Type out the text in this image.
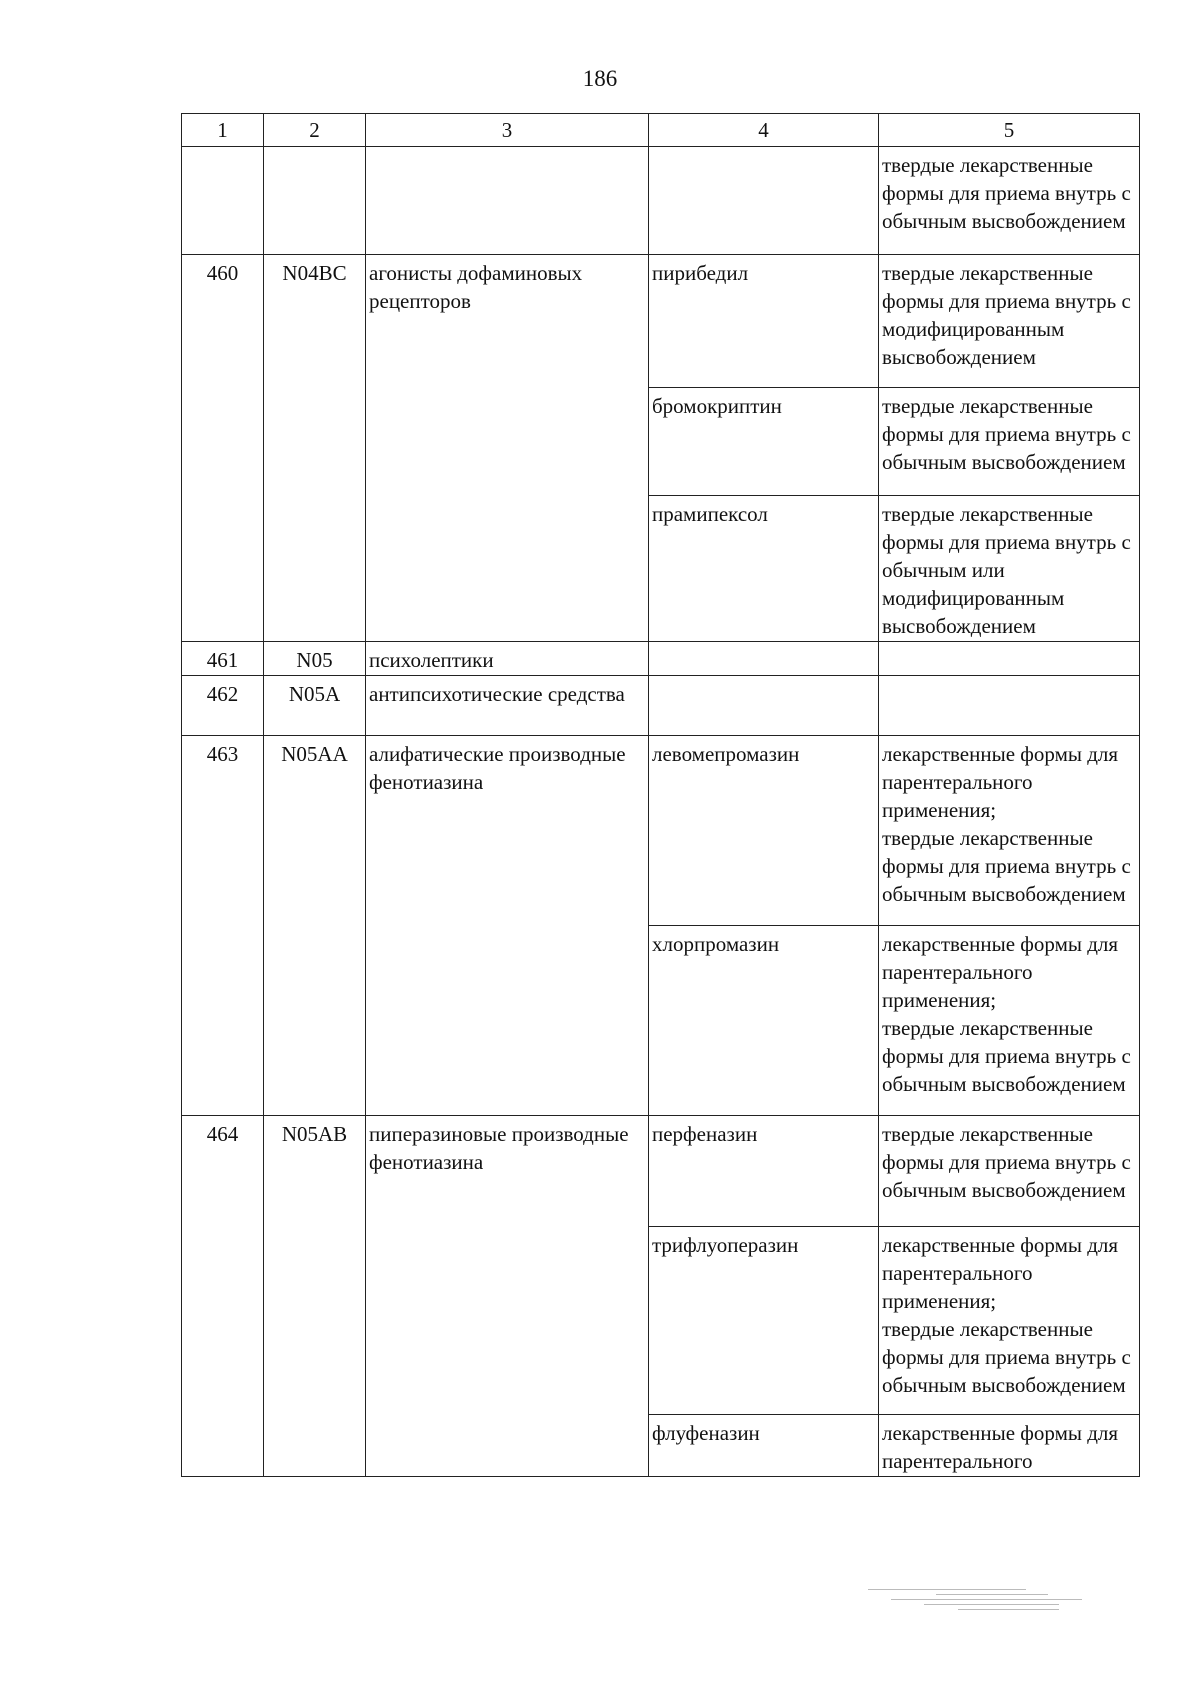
186
1	2	3	4	5
				твердые лекарственные формы для приема внутрь с обычным высвобождением
460	N04BC	агонисты дофаминовых рецепторов	пирибедил	твердые лекарственные формы для приема внутрь с модифицированным высвобождением
			бромокриптин	твердые лекарственные формы для приема внутрь с обычным высвобождением
			прамипексол	твердые лекарственные формы для приема внутрь с обычным или модифицированным высвобождением
461	N05	психолептики		
462	N05A	антипсихотические средства		
463	N05AA	алифатические производные фенотиазина	левомепромазин	лекарственные формы для парентерального применения;
твердые лекарственные формы для приема внутрь с обычным высвобождением
			хлорпромазин	лекарственные формы для парентерального применения;
твердые лекарственные формы для приема внутрь с обычным высвобождением
464	N05AB	пиперазиновые производные фенотиазина	перфеназин	твердые лекарственные формы для приема внутрь с обычным высвобождением
			трифлуоперазин	лекарственные формы для парентерального применения;
твердые лекарственные формы для приема внутрь с обычным высвобождением
			флуфеназин	лекарственные формы для парентерального
